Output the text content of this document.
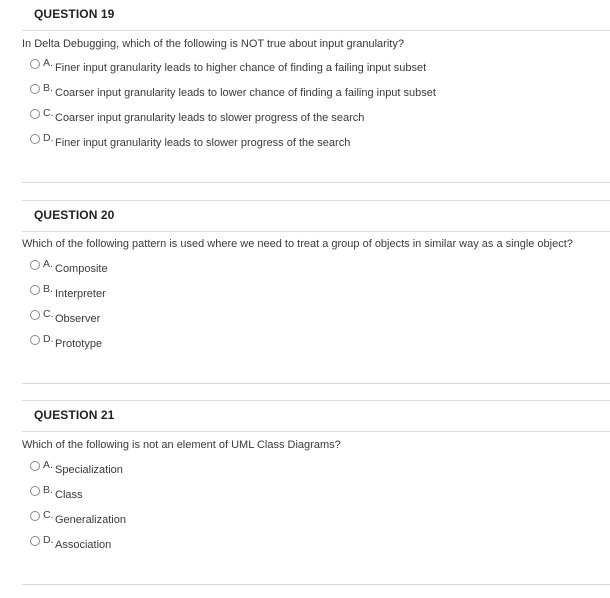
QUESTION 19
In Delta Debugging, which of the following is NOT true about input granularity?
A. Finer input granularity leads to higher chance of finding a failing input subset
B. Coarser input granularity leads to lower chance of finding a failing input subset
C. Coarser input granularity leads to slower progress of the search
D. Finer input granularity leads to slower progress of the search
QUESTION 20
Which of the following pattern is used where we need to treat a group of objects in similar way as a single object?
A. Composite
B. Interpreter
C. Observer
D. Prototype
QUESTION 21
Which of the following is not an element of UML Class Diagrams?
A. Specialization
B. Class
C. Generalization
D. Association
